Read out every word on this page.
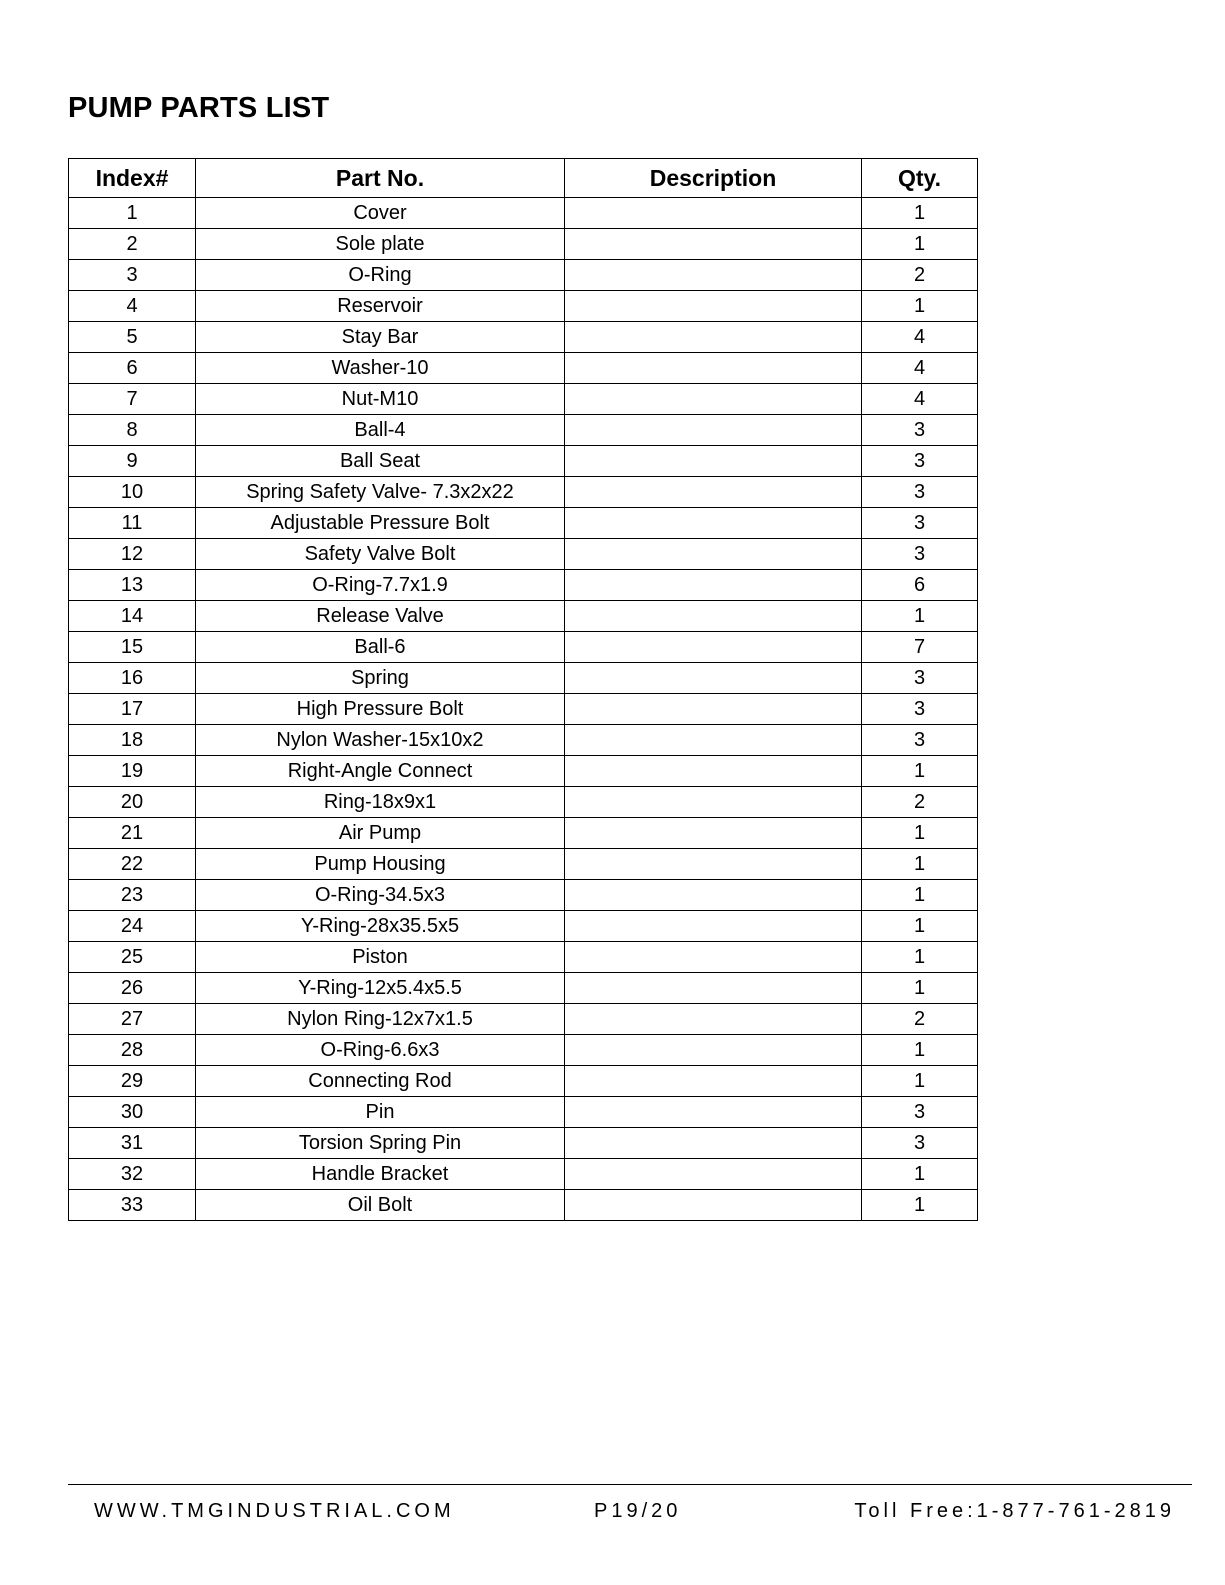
PUMP PARTS LIST
Index#	Part No.	Description	Qty.
1	Cover		1
2	Sole plate		1
3	O-Ring		2
4	Reservoir		1
5	Stay Bar		4
6	Washer-10		4
7	Nut-M10		4
8	Ball-4		3
9	Ball Seat		3
10	Spring Safety Valve- 7.3x2x22		3
11	Adjustable Pressure Bolt		3
12	Safety Valve Bolt		3
13	O-Ring-7.7x1.9		6
14	Release Valve		1
15	Ball-6		7
16	Spring		3
17	High Pressure Bolt		3
18	Nylon Washer-15x10x2		3
19	Right-Angle Connect		1
20	Ring-18x9x1		2
21	Air Pump		1
22	Pump Housing		1
23	O-Ring-34.5x3		1
24	Y-Ring-28x35.5x5		1
25	Piston		1
26	Y-Ring-12x5.4x5.5		1
27	Nylon Ring-12x7x1.5		2
28	O-Ring-6.6x3		1
29	Connecting Rod		1
30	Pin		3
31	Torsion Spring Pin		3
32	Handle Bracket		1
33	Oil Bolt		1
WWW.TMGINDUSTRIAL.COM	P19/20	Toll Free:1-877-761-2819
